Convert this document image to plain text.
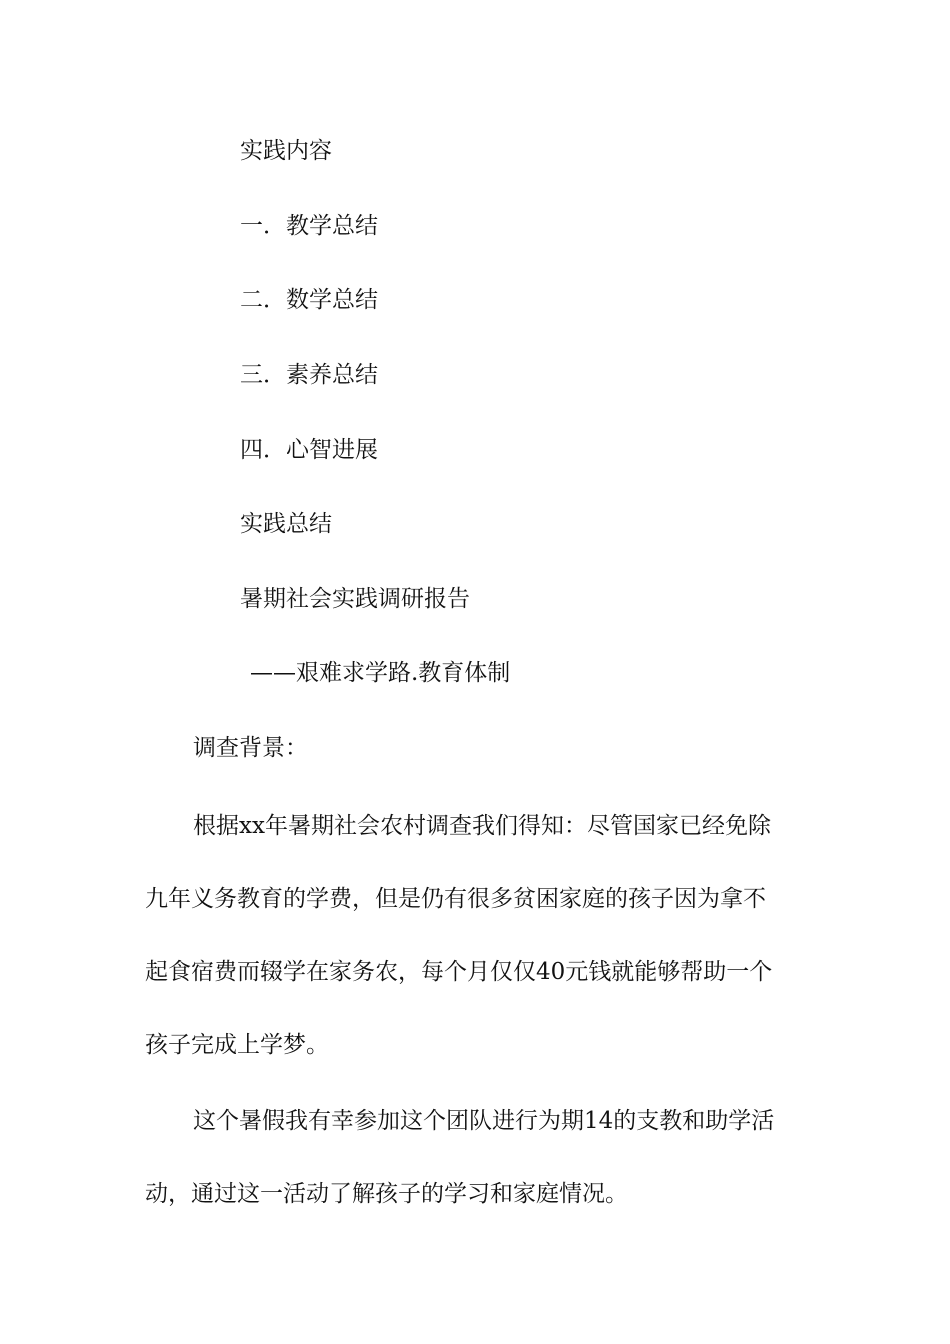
实践内容
一．教学总结
二．数学总结
三．素养总结
四．心智进展
实践总结
暑期社会实践调研报告
——艰难求学路.教育体制
调查背景：
根据xx年暑期社会农村调查我们得知：尽管国家已经免除
九年义务教育的学费，但是仍有很多贫困家庭的孩子因为拿不
起食宿费而辍学在家务农，每个月仅仅40元钱就能够帮助一个
孩子完成上学梦。
这个暑假我有幸参加这个团队进行为期14的支教和助学活
动，通过这一活动了解孩子的学习和家庭情况。
